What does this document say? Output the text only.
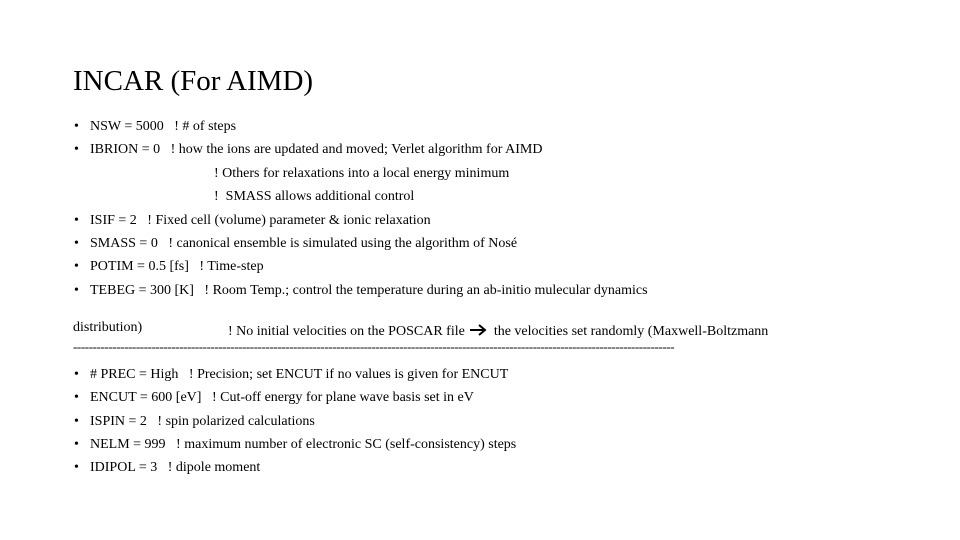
INCAR (For AIMD)
• NSW = 5000   ! # of steps
• IBRION = 0   ! how the ions are updated and moved; Verlet algorithm for AIMD
! Others for relaxations into a local energy minimum
!  SMASS allows additional control
• ISIF = 2   ! Fixed cell (volume) parameter & ionic relaxation
• SMASS = 0   ! canonical ensemble is simulated using the algorithm of Nosé
• POTIM = 0.5 [fs]   ! Time-step
• TEBEG = 300 [K]   ! Room Temp.; control the temperature during an ab-initio mulecular dynamics

! No initial velocities on the POSCAR file  the velocities set randomly (Maxwell-Boltzmann

distribution)
---------------------------------------------------------------------------------------------------------------------------------------------------------
• # PREC = High   ! Precision; set ENCUT if no values is given for ENCUT
• ENCUT = 600 [eV]   ! Cut-off energy for plane wave basis set in eV
• ISPIN = 2   ! spin polarized calculations
• NELM = 999   ! maximum number of electronic SC (self-consistency) steps
• IDIPOL = 3   ! dipole moment
